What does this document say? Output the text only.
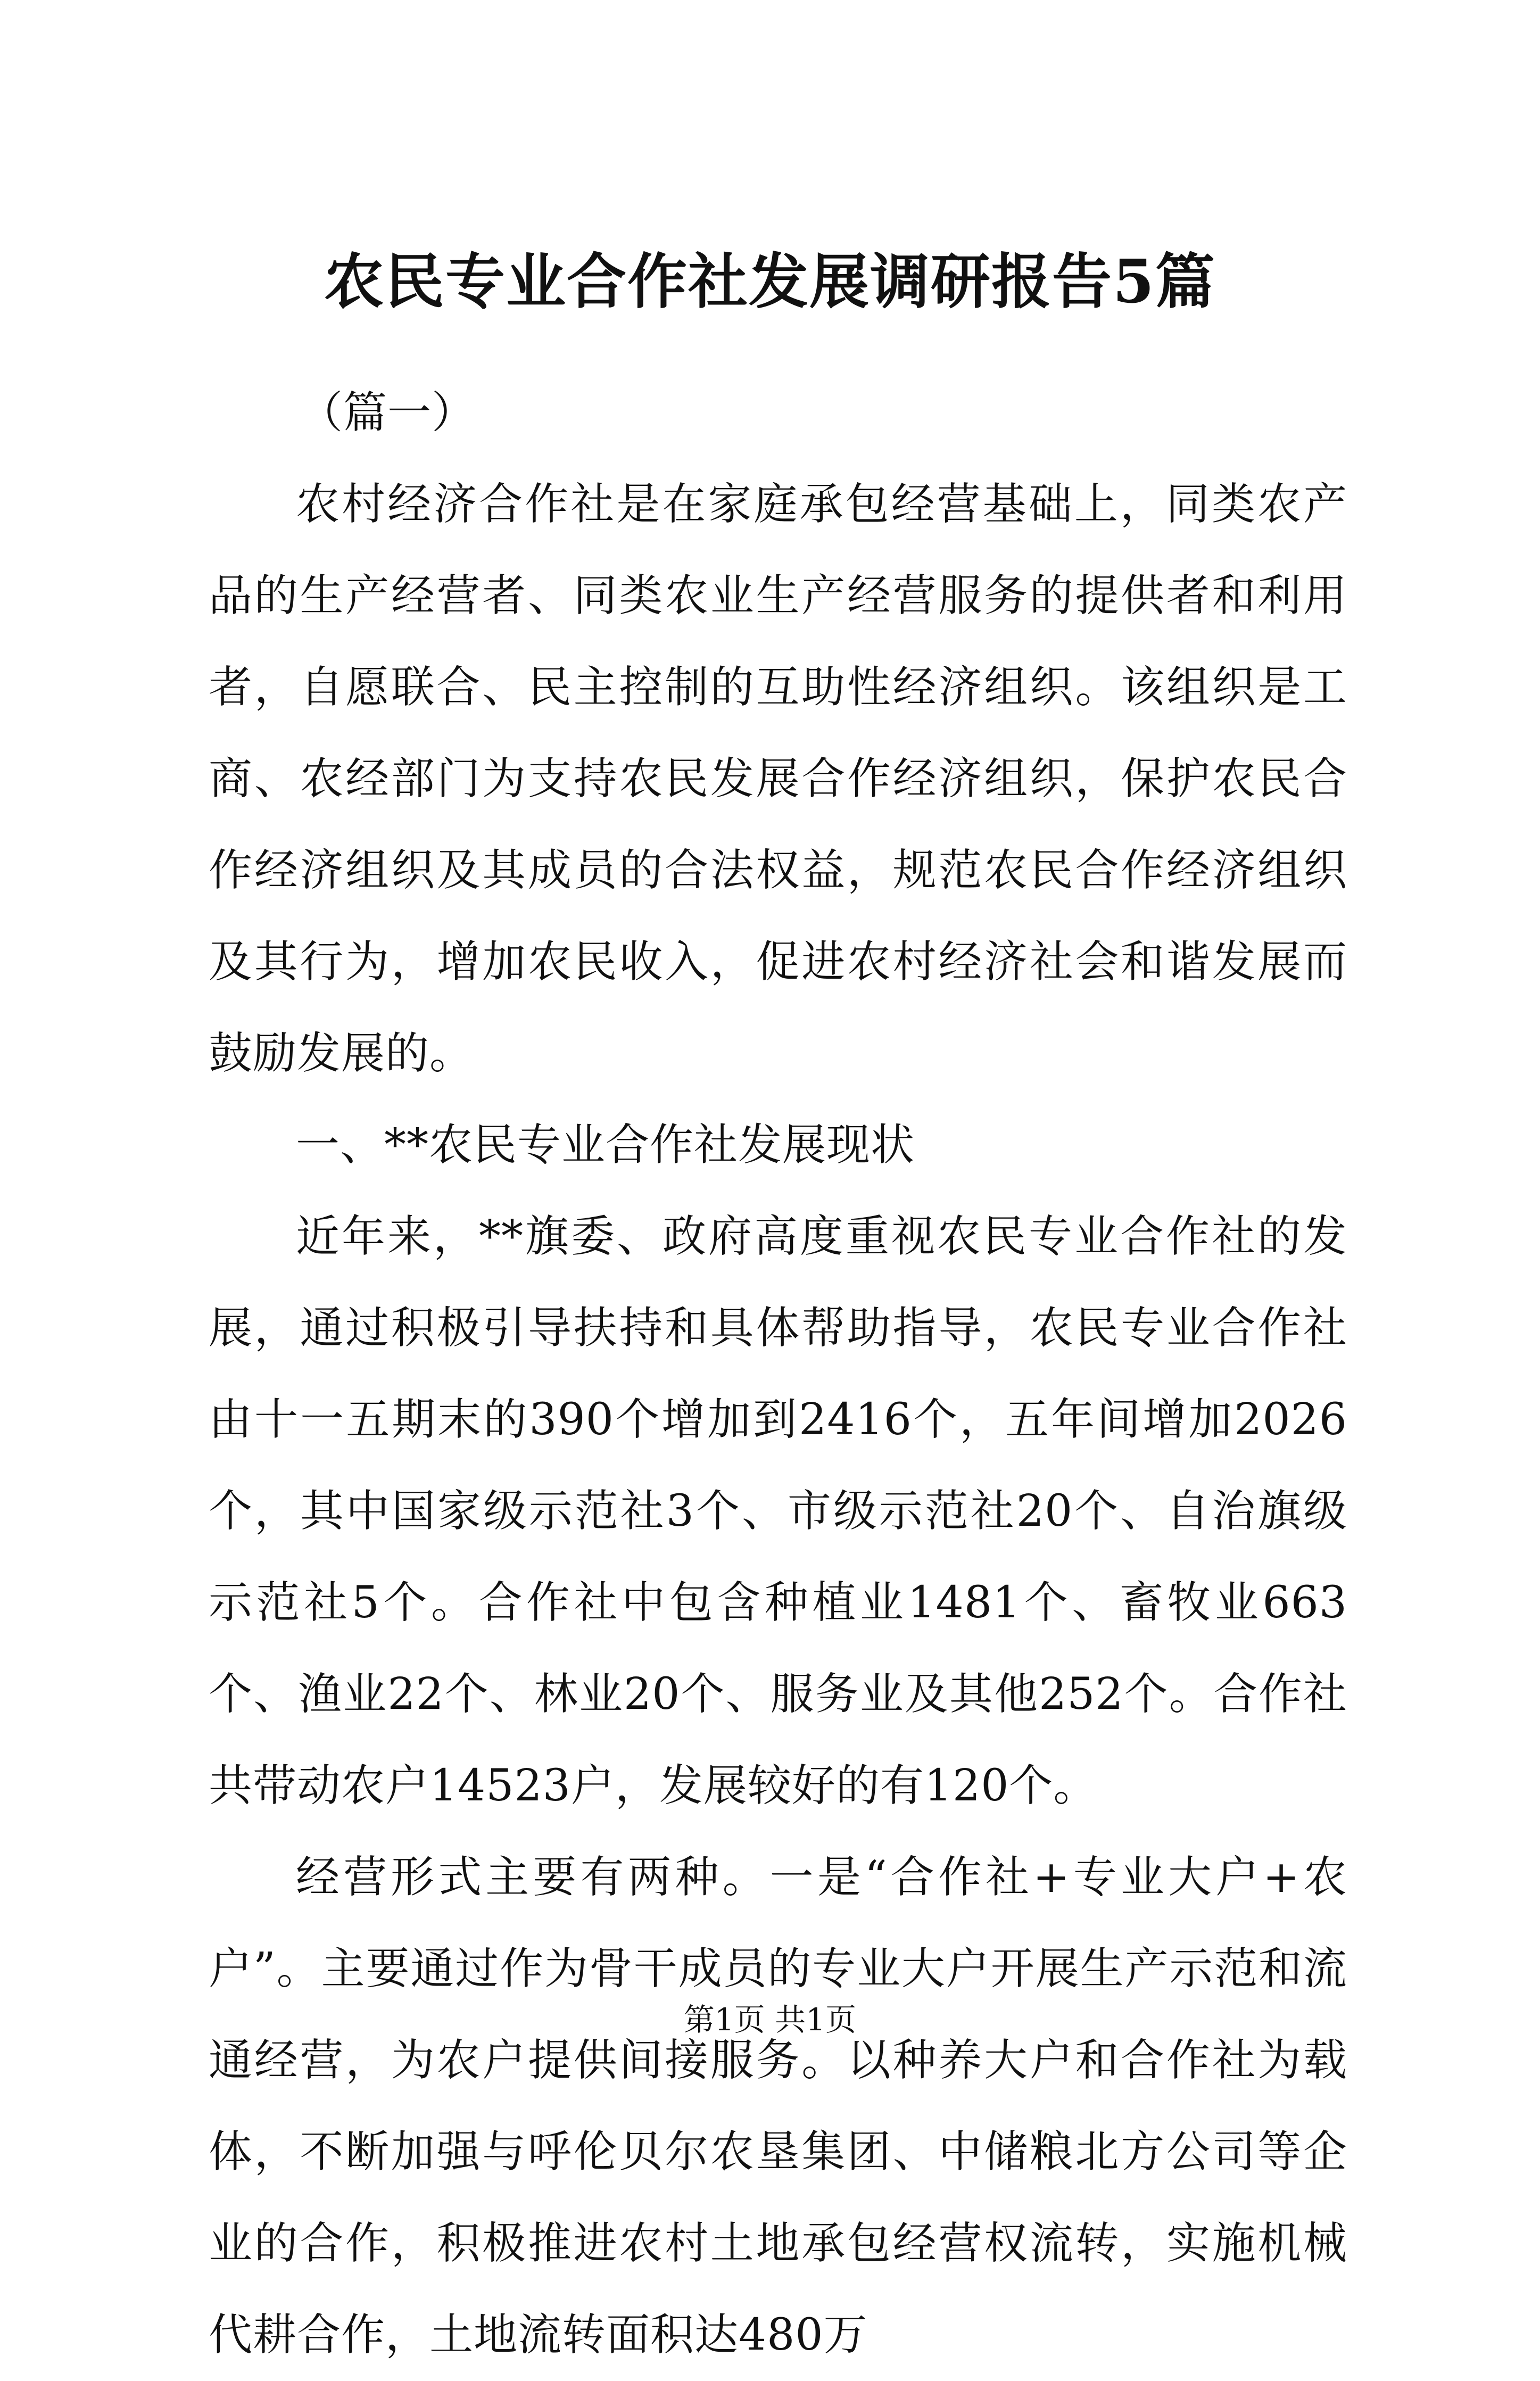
农民专业合作社发展调研报告5篇

（篇一）

农村经济合作社是在家庭承包经营基础上，同类农产品的生产经营者、同类农业生产经营服务的提供者和利用者，自愿联合、民主控制的互助性经济组织。该组织是工商、农经部门为支持农民发展合作经济组织，保护农民合作经济组织及其成员的合法权益，规范农民合作经济组织及其行为，增加农民收入，促进农村经济社会和谐发展而鼓励发展的。

一、**农民专业合作社发展现状

近年来，**旗委、政府高度重视农民专业合作社的发展，通过积极引导扶持和具体帮助指导，农民专业合作社由十一五期末的390个增加到2416个，五年间增加2026个，其中国家级示范社3个、市级示范社20个、自治旗级示范社5个。合作社中包含种植业1481个、畜牧业663个、渔业22个、林业20个、服务业及其他252个。合作社共带动农户14523户，发展较好的有120个。

经营形式主要有两种。一是“合作社+专业大户+农户”。主要通过作为骨干成员的专业大户开展生产示范和流通经营，为农户提供间接服务。以种养大户和合作社为载体，不断加强与呼伦贝尔农垦集团、中储粮北方公司等企业的合作，积极推进农村土地承包经营权流转，实施机械代耕合作，土地流转面积达480万

第1页 共1页
